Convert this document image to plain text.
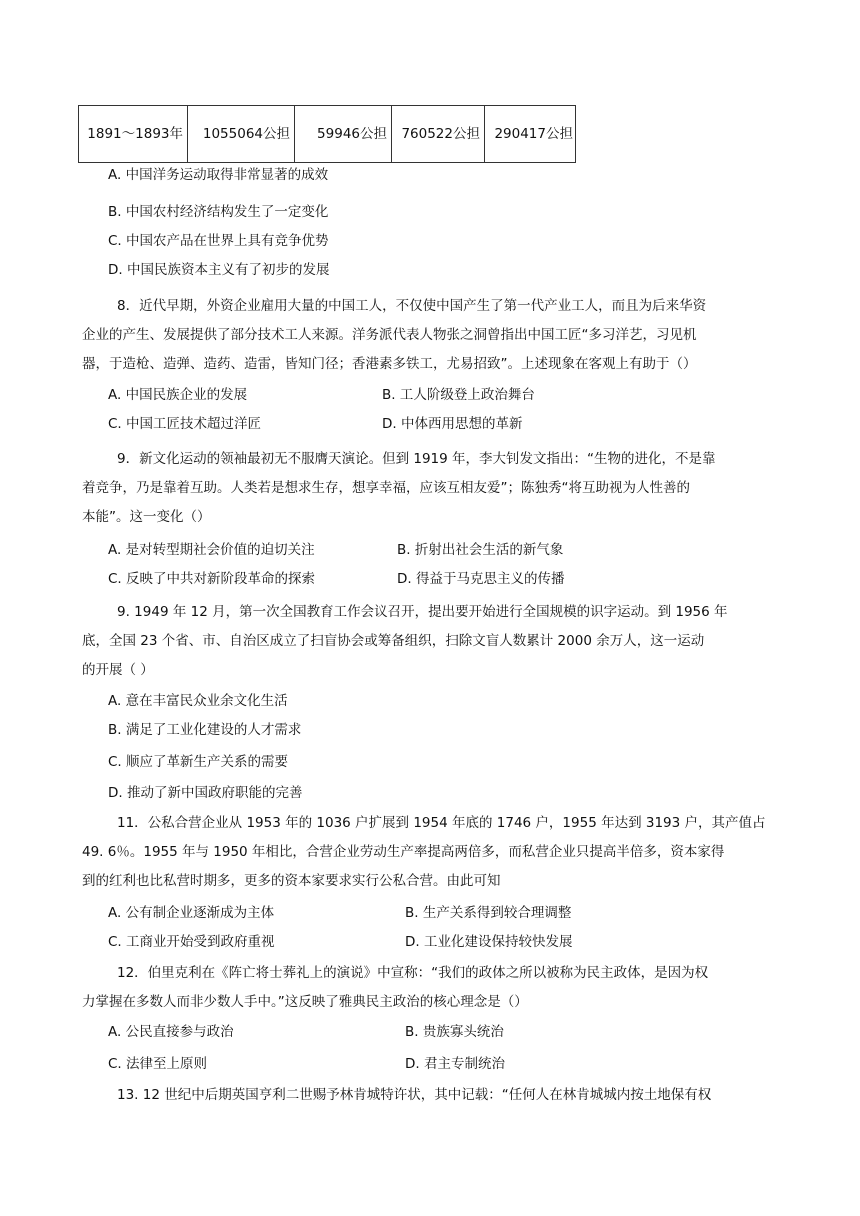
1891～1893年	1055064公担	59946公担	760522公担	290417公担
A. 中国洋务运动取得非常显著的成效
B. 中国农村经济结构发生了一定变化
C. 中国农产品在世界上具有竞争优势
D. 中国民族资本主义有了初步的发展
8．近代早期，外资企业雇用大量的中国工人，不仅使中国产生了第一代产业工人，而且为后来华资
企业的产生、发展提供了部分技术工人来源。洋务派代表人物张之洞曾指出中国工匠“多习洋艺，习见机
器，于造枪、造弹、造药、造雷，皆知门径；香港素多铁工，尤易招致”。上述现象在客观上有助于（）
A. 中国民族企业的发展	B. 工人阶级登上政治舞台
C. 中国工匠技术超过洋匠	D. 中体西用思想的革新
9．新文化运动的领袖最初无不服膺天演论。但到 1919 年，李大钊发文指出：“生物的进化，不是靠
着竞争，乃是靠着互助。人类若是想求生存，想享幸福，应该互相友爱”；陈独秀“将互助视为人性善的
本能”。这一变化（）
A. 是对转型期社会价值的迫切关注	B. 折射出社会生活的新气象
C. 反映了中共对新阶段革命的探索	D. 得益于马克思主义的传播
9. 1949 年 12 月，第一次全国教育工作会议召开，提出要开始进行全国规模的识字运动。到 1956 年
底，全国 23 个省、市、自治区成立了扫盲协会或筹备组织，扫除文盲人数累计 2000 余万人，这一运动
的开展（ ）
A. 意在丰富民众业余文化生活
B. 满足了工业化建设的人才需求
C. 顺应了革新生产关系的需要
D. 推动了新中国政府职能的完善
11．公私合营企业从 1953 年的 1036 户扩展到 1954 年底的 1746 户，1955 年达到 3193 户，其产值占
49. 6％。1955 年与 1950 年相比，合营企业劳动生产率提高两倍多，而私营企业只提高半倍多，资本家得
到的红利也比私营时期多，更多的资本家要求实行公私合营。由此可知
A. 公有制企业逐渐成为主体	B. 生产关系得到较合理调整
C. 工商业开始受到政府重视	D. 工业化建设保持较快发展
12．伯里克利在《阵亡将士葬礼上的演说》中宣称：“我们的政体之所以被称为民主政体，是因为权
力掌握在多数人而非少数人手中。”这反映了雅典民主政治的核心理念是（）
A. 公民直接参与政治	B. 贵族寡头统治
C. 法律至上原则	D. 君主专制统治
13. 12 世纪中后期英国亨利二世赐予林肯城特许状，其中记载：“任何人在林肯城城内按土地保有权
